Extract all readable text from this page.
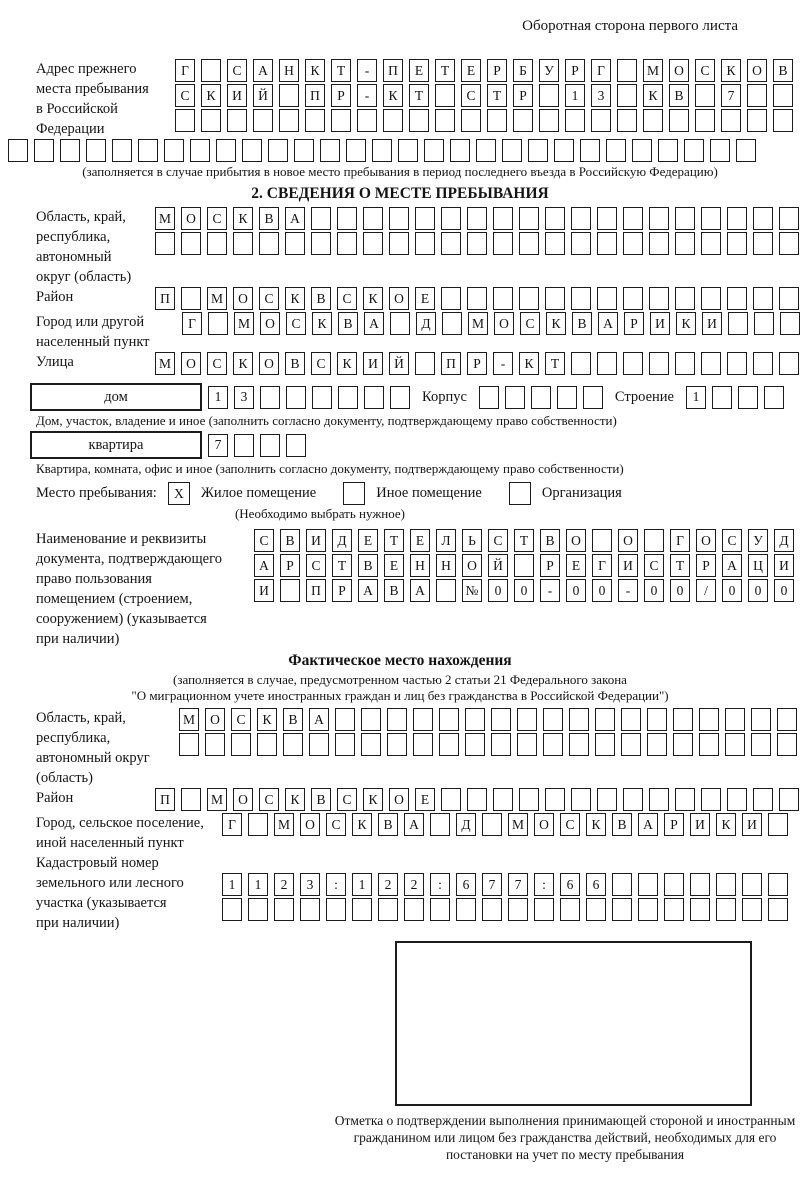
Оборотная сторона первого листа
Адрес прежнего
места пребывания
в Российской
Федерации
Г	С	А	Н	К	Т	-	П	Е	Т	Е	Р	Б	У	Р	Г	М	О	С	К	О	В
С	К	И	Й	П	Р	-	К	Т	С	Т	Р	1	3	К	В	7
(заполняется в случае прибытия в новое место пребывания в период последнего въезда в Российскую Федерацию)
2. СВЕДЕНИЯ О МЕСТЕ ПРЕБЫВАНИЯ
Область, край,
республика,
автономный
округ (область)
М	О	С	К	В	А
Район	П	М	О	С	К	В	С	К	О	Е
Город или другой
населенный пункт
Г	М	О	С	К	В	А	Д	М	О	С	К	В	А	Р	И	К	И
Улица	М	О	С	К	О	В	С	К	И	Й	П	Р	-	К	Т
дом	1	3	Корпус	Строение	1
Дом, участок, владение и иное (заполнить согласно документу, подтверждающему право собственности)
квартира	7
Квартира, комната, офис и иное (заполнить согласно документу, подтверждающему право собственности)
Место пребывания:	X	Жилое помещение	Иное помещение	Организация
(Необходимо выбрать нужное)
Наименование и реквизиты
документа, подтверждающего
право пользования
помещением (строением,
сооружением) (указывается
при наличии)
С	В	И	Д	Е	Т	Е	Л	Ь	С	Т	В	О	О	Г	О	С	У	Д
А	Р	С	Т	В	Е	Н	Н	О	Й	Р	Е	Г	И	С	Т	Р	А	Ц	И
И	П	Р	А	В	А	№	0	0	-	0	0	-	0	0	/	0	0	0
Фактическое место нахождения
(заполняется в случае, предусмотренном частью 2 статьи 21 Федерального закона
"О миграционном учете иностранных граждан и лиц без гражданства в Российской Федерации")
Область, край,
республика,
автономный округ
(область)
М	О	С	К	В	А
Район	П	М	О	С	К	В	С	К	О	Е
Город, сельское поселение,
иной населенный пункт
Г	М	О	С	К	В	А	Д	М	О	С	К	В	А	Р	И	К	И
Кадастровый номер
земельного или лесного
участка (указывается
при наличии)
1	1	2	3	:	1	2	2	:	6	7	7	:	6	6
Отметка о подтверждении выполнения принимающей стороной и иностранным гражданином или лицом без гражданства действий, необходимых для его постановки на учет по месту пребывания
